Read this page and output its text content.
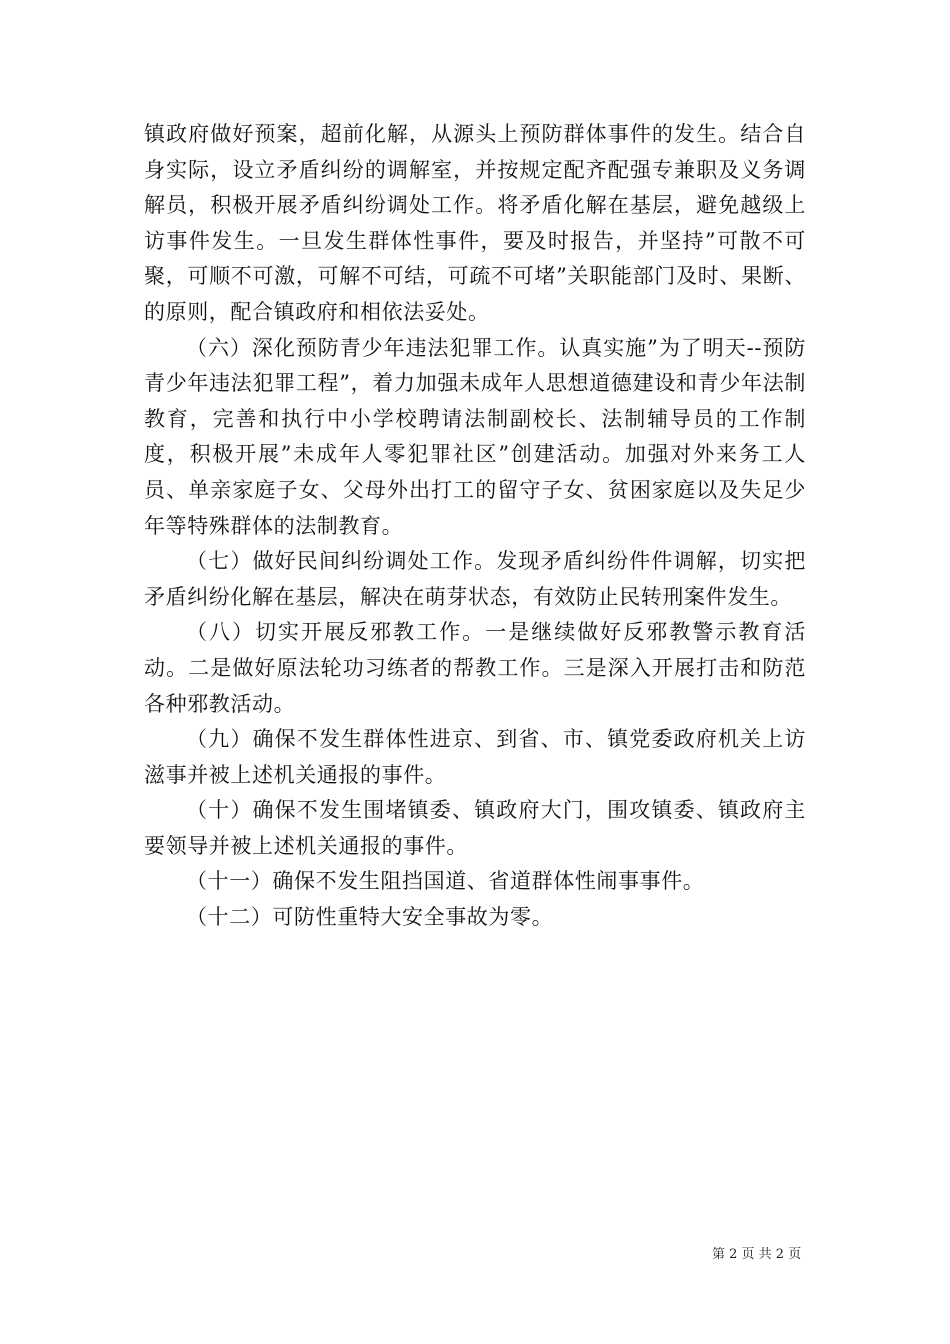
镇政府做好预案，超前化解，从源头上预防群体事件的发生。结合自身实际，设立矛盾纠纷的调解室，并按规定配齐配强专兼职及义务调解员，积极开展矛盾纠纷调处工作。将矛盾化解在基层，避免越级上访事件发生。一旦发生群体性事件，要及时报告，并坚持”可散不可聚，可顺不可激，可解不可结，可疏不可堵”关职能部门及时、果断、的原则，配合镇政府和相依法妥处。

（六）深化预防青少年违法犯罪工作。认真实施”为了明天--预防青少年违法犯罪工程”，着力加强未成年人思想道德建设和青少年法制教育，完善和执行中小学校聘请法制副校长、法制辅导员的工作制度，积极开展”未成年人零犯罪社区”创建活动。加强对外来务工人员、单亲家庭子女、父母外出打工的留守子女、贫困家庭以及失足少年等特殊群体的法制教育。

（七）做好民间纠纷调处工作。发现矛盾纠纷件件调解，切实把矛盾纠纷化解在基层，解决在萌芽状态，有效防止民转刑案件发生。

（八）切实开展反邪教工作。一是继续做好反邪教警示教育活动。二是做好原法轮功习练者的帮教工作。三是深入开展打击和防范各种邪教活动。

（九）确保不发生群体性进京、到省、市、镇党委政府机关上访滋事并被上述机关通报的事件。

（十）确保不发生围堵镇委、镇政府大门，围攻镇委、镇政府主要领导并被上述机关通报的事件。

（十一）确保不发生阻挡国道、省道群体性闹事事件。

（十二）可防性重特大安全事故为零。

第 2 页 共 2 页
